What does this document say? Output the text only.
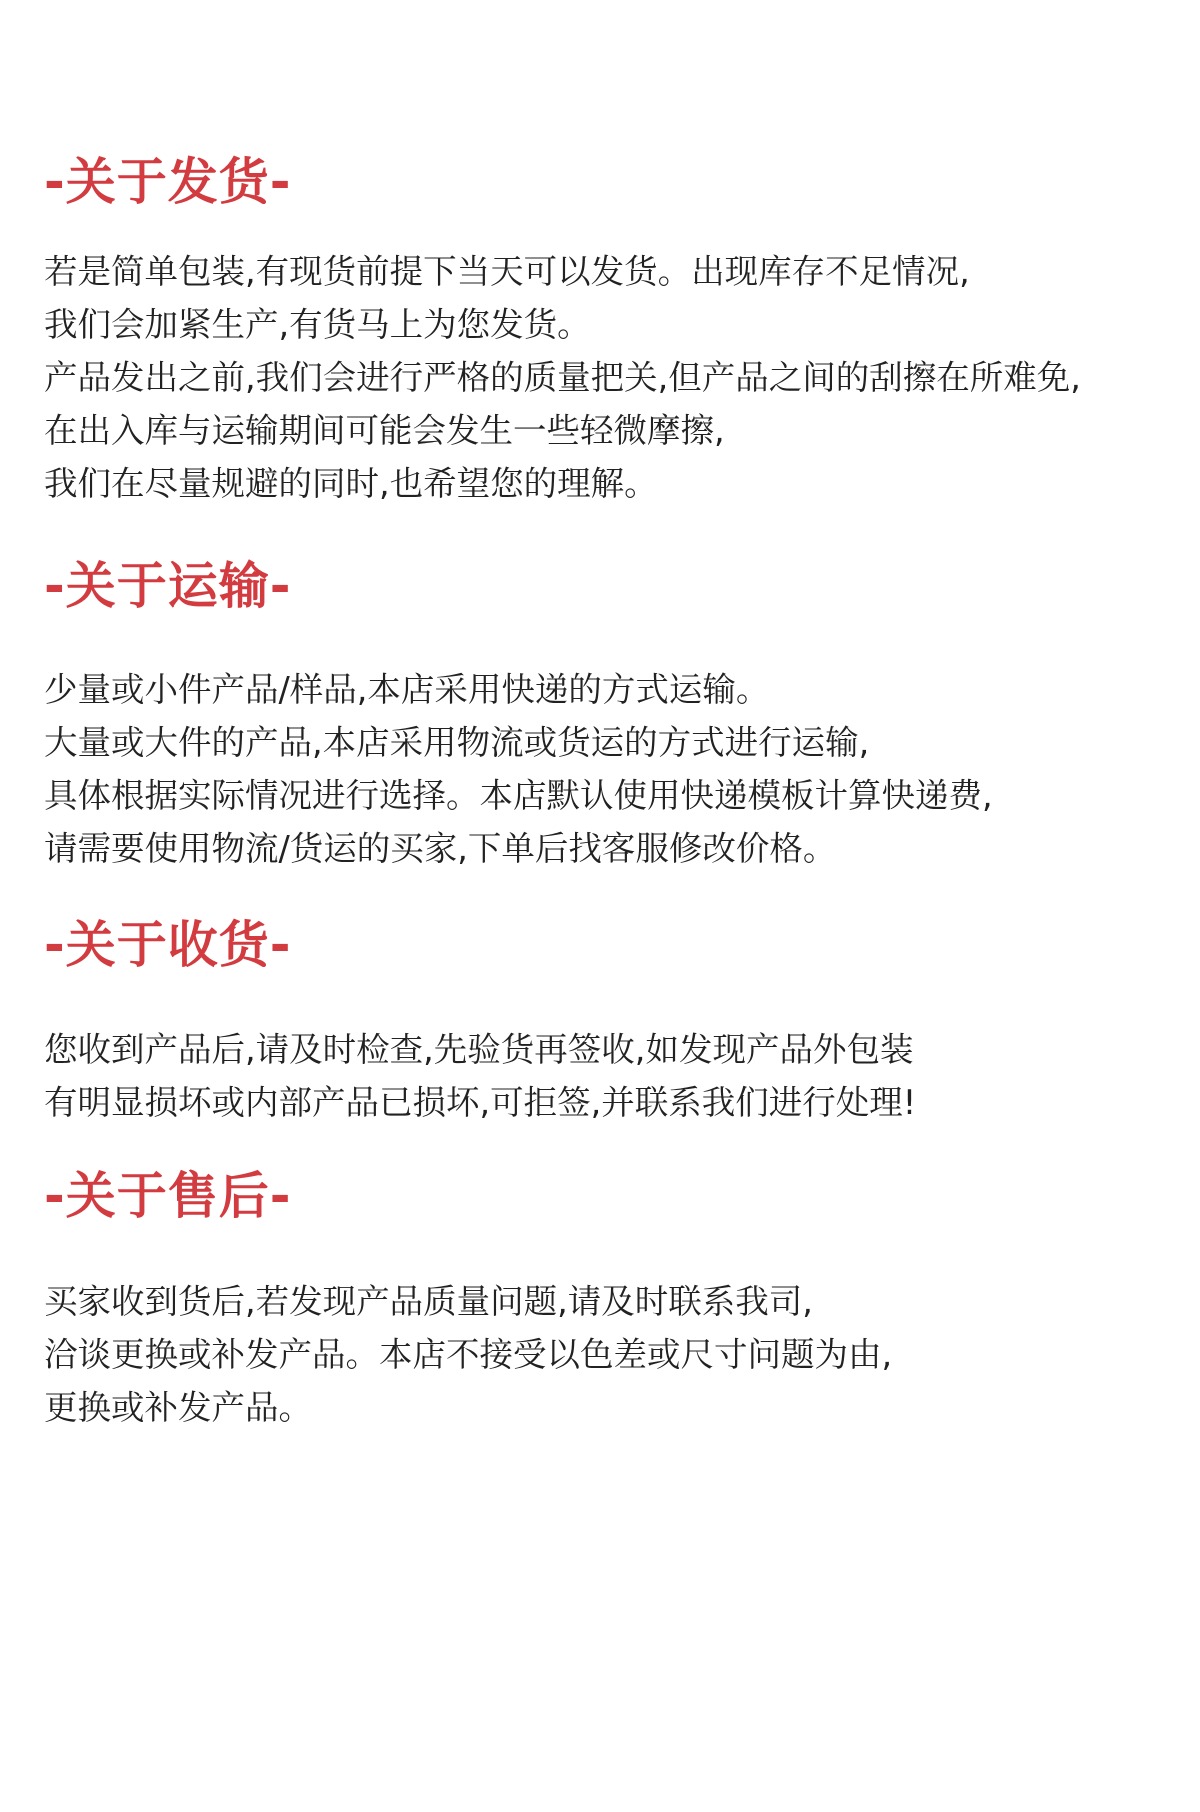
-关于发货-
若是简单包装,有现货前提下当天可以发货。出现库存不足情况,
我们会加紧生产,有货马上为您发货。
产品发出之前,我们会进行严格的质量把关,但产品之间的刮擦在所难免,
在出入库与运输期间可能会发生一些轻微摩擦,
我们在尽量规避的同时,也希望您的理解。
-关于运输-
少量或小件产品/样品,本店采用快递的方式运输。
大量或大件的产品,本店采用物流或货运的方式进行运输,
具体根据实际情况进行选择。本店默认使用快递模板计算快递费,
请需要使用物流/货运的买家,下单后找客服修改价格。
-关于收货-
您收到产品后,请及时检查,先验货再签收,如发现产品外包装
有明显损坏或内部产品已损坏,可拒签,并联系我们进行处理!
-关于售后-
买家收到货后,若发现产品质量问题,请及时联系我司,
洽谈更换或补发产品。本店不接受以色差或尺寸问题为由,
更换或补发产品。
